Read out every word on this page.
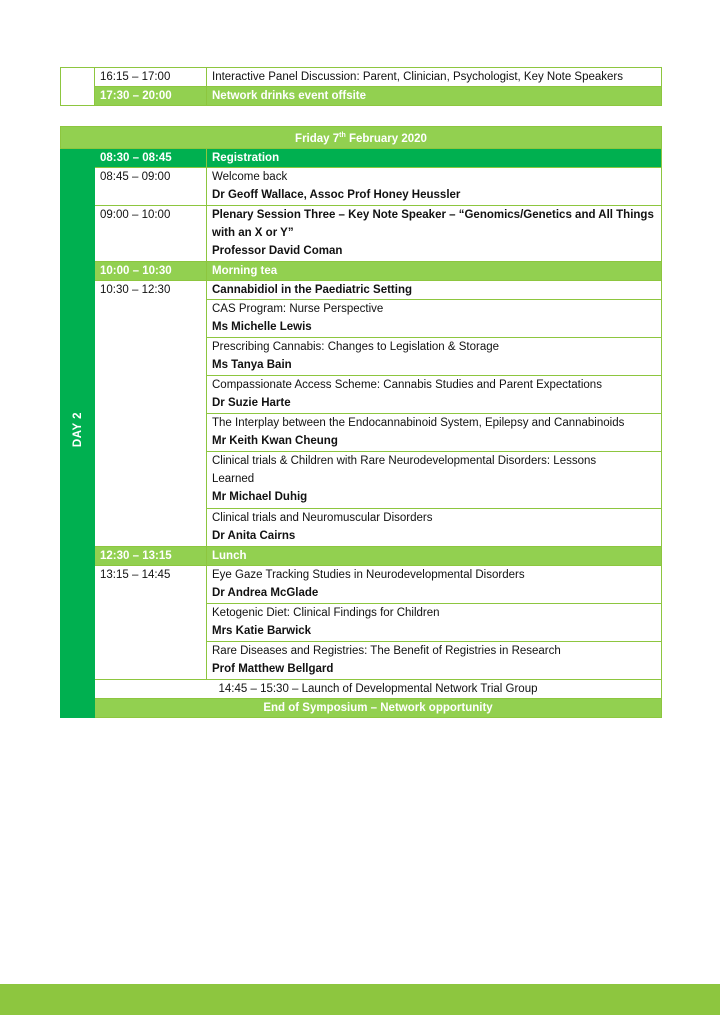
	16:15 – 17:00	Interactive Panel Discussion: Parent, Clinician, Psychologist, Key Note Speakers
	17:30 – 20:00	Network drinks event offsite
Friday 7th February 2020		
DAY 2	08:30 – 08:45	Registration
	08:45 – 09:00	Welcome back
Dr Geoff Wallace, Assoc Prof Honey Heussler

	09:00 – 10:00	Plenary Session Three – Key Note Speaker – “Genomics/Genetics and All Things
with an X or Y”
Professor David Coman

	10:00 – 10:30	Morning tea
	10:30 – 12:30	Cannabidiol in the Paediatric Setting

		CAS Program: Nurse Perspective
Ms Michelle Lewis

		Prescribing Cannabis: Changes to Legislation & Storage
Ms Tanya Bain

		Compassionate Access Scheme: Cannabis Studies and Parent Expectations
Dr Suzie Harte

		The Interplay between the Endocannabinoid System, Epilepsy and Cannabinoids
Mr Keith Kwan Cheung

		Clinical trials & Children with Rare Neurodevelopmental Disorders: Lessons
Learned
Mr Michael Duhig

		Clinical trials and Neuromuscular Disorders
Dr Anita Cairns

	12:30 – 13:15	Lunch
	13:15 – 14:45	Eye Gaze Tracking Studies in Neurodevelopmental Disorders
Dr Andrea McGlade

		Ketogenic Diet: Clinical Findings for Children
Mrs Katie Barwick

		Rare Diseases and Registries: The Benefit of Registries in Research
Prof Matthew Bellgard

	14:45 – 15:30 – Launch of Developmental Network Trial Group	
	End of Symposium – Network opportunity	
